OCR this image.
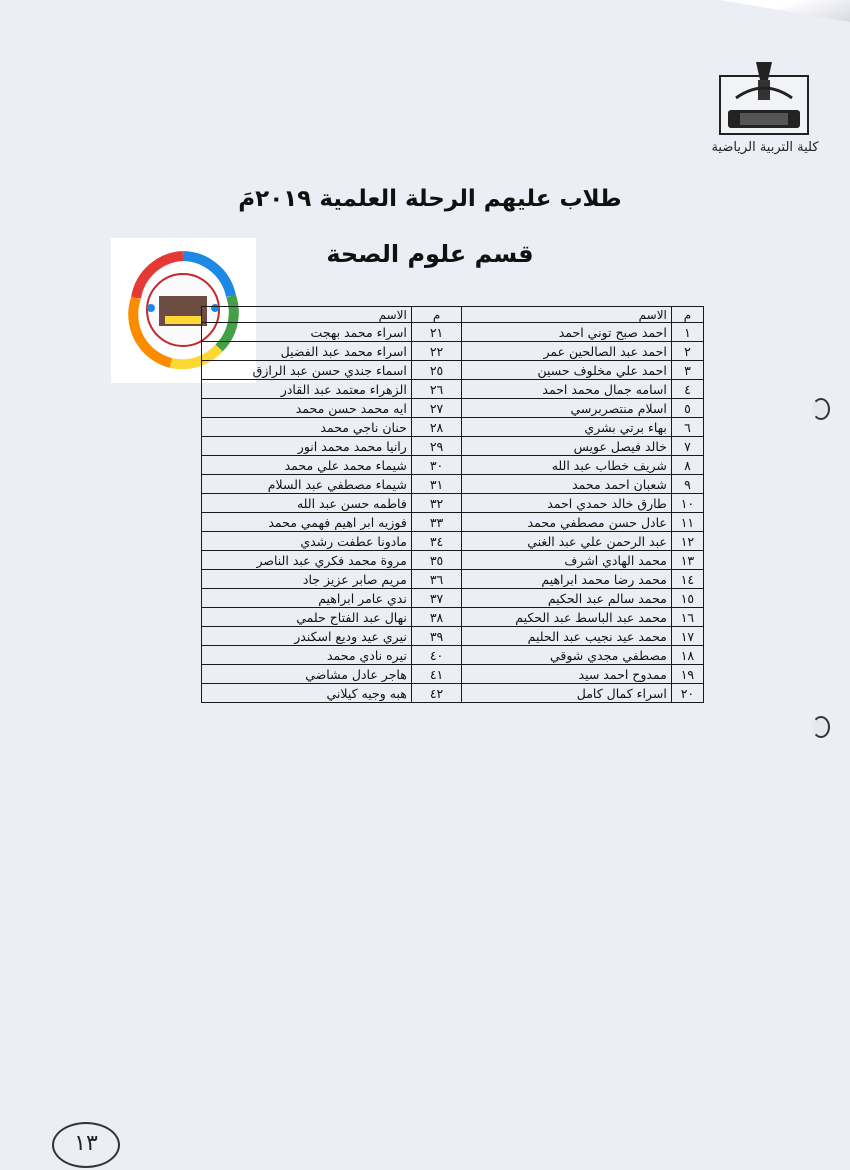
كلية التربية الرياضية
طلاب عليهم الرحلة العلمية ٢٠١٩مَ
قسم علوم الصحة
م	الاسم	م	الاسم
١	احمد صبح توني احمد	٢١	اسراء محمد بهجت
٢	احمد عبد الصالحين عمر	٢٢	اسراء محمد عبد الفضيل
٣	احمد علي مخلوف حسين	٢٥	اسماء جندي حسن عبد الرازق
٤	اسامه جمال محمد احمد	٢٦	الزهراء معتمد عبد القادر
٥	اسلام منتصربرسي	٢٧	ايه محمد حسن محمد
٦	بهاء برتي بشري	٢٨	حنان ناجي محمد
٧	خالد فيصل عويس	٢٩	رانيا محمد محمد انور
٨	شريف خطاب عبد الله	٣٠	شيماء محمد علي محمد
٩	شعبان احمد محمد	٣١	شيماء مصطفي عبد السلام
١٠	طارق خالد حمدي احمد	٣٢	فاطمه حسن عبد الله
١١	عادل حسن مصطفي محمد	٣٣	فوزيه ابر اهيم فهمي محمد
١٢	عبد الرحمن علي عبد الغني	٣٤	مادونا عطفت رشدي
١٣	محمد الهادي اشرف	٣٥	مروة محمد فكري عبد الناصر
١٤	محمد رضا محمد ابراهيم	٣٦	مريم صابر عزيز جاد
١٥	محمد سالم عبد الحكيم	٣٧	ندي عامر ابراهيم
١٦	محمد عبد الباسط عبد الحكيم	٣٨	نهال عبد الفتاح حلمي
١٧	محمد عيد نجيب عبد الحليم	٣٩	نيري عيد وديع اسكندر
١٨	مصطفي مجدي شوقي	٤٠	نيره نادي محمد
١٩	ممدوح احمد سيد	٤١	هاجر عادل مشاضي
٢٠	اسراء كمال كامل	٤٢	هبه وجيه كيلاني
١٣
